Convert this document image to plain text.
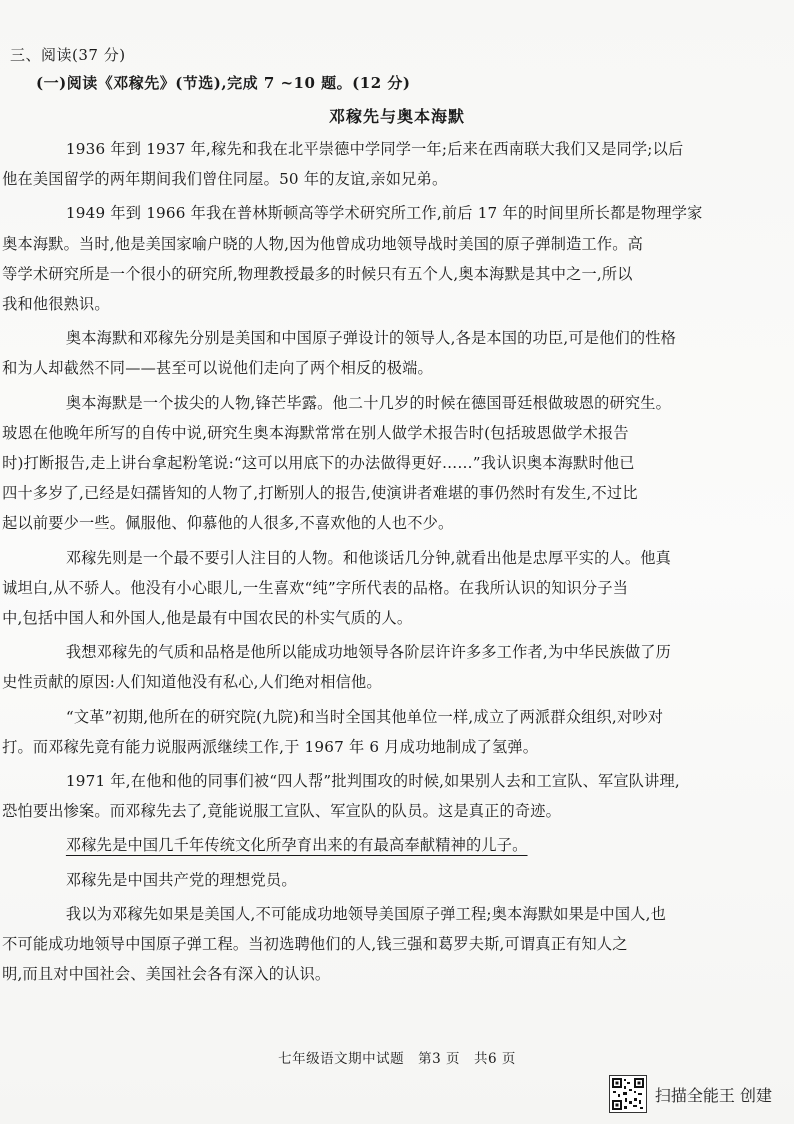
三、阅读(37 分)
(一)阅读《邓稼先》(节选),完成 7 ~10 题。(12 分)
邓稼先与奥本海默
1936 年到 1937 年,稼先和我在北平崇德中学同学一年;后来在西南联大我们又是同学;以后
他在美国留学的两年期间我们曾住同屋。50 年的友谊,亲如兄弟。
1949 年到 1966 年我在普林斯顿高等学术研究所工作,前后 17 年的时间里所长都是物理学家
奥本海默。当时,他是美国家喻户晓的人物,因为他曾成功地领导战时美国的原子弹制造工作。高
等学术研究所是一个很小的研究所,物理教授最多的时候只有五个人,奥本海默是其中之一,所以
我和他很熟识。
奥本海默和邓稼先分别是美国和中国原子弹设计的领导人,各是本国的功臣,可是他们的性格
和为人却截然不同——甚至可以说他们走向了两个相反的极端。
奥本海默是一个拔尖的人物,锋芒毕露。他二十几岁的时候在德国哥廷根做玻恩的研究生。
玻恩在他晚年所写的自传中说,研究生奥本海默常常在别人做学术报告时(包括玻恩做学术报告
时)打断报告,走上讲台拿起粉笔说:“这可以用底下的办法做得更好……”我认识奥本海默时他已
四十多岁了,已经是妇孺皆知的人物了,打断别人的报告,使演讲者难堪的事仍然时有发生,不过比
起以前要少一些。佩服他、仰慕他的人很多,不喜欢他的人也不少。
邓稼先则是一个最不要引人注目的人物。和他谈话几分钟,就看出他是忠厚平实的人。他真
诚坦白,从不骄人。他没有小心眼儿,一生喜欢“纯”字所代表的品格。在我所认识的知识分子当
中,包括中国人和外国人,他是最有中国农民的朴实气质的人。
我想邓稼先的气质和品格是他所以能成功地领导各阶层许许多多工作者,为中华民族做了历
史性贡献的原因:人们知道他没有私心,人们绝对相信他。
“文革”初期,他所在的研究院(九院)和当时全国其他单位一样,成立了两派群众组织,对吵对
打。而邓稼先竟有能力说服两派继续工作,于 1967 年 6 月成功地制成了氢弹。
1971 年,在他和他的同事们被“四人帮”批判围攻的时候,如果别人去和工宣队、军宣队讲理,
恐怕要出惨案。而邓稼先去了,竟能说服工宣队、军宣队的队员。这是真正的奇迹。
邓稼先是中国几千年传统文化所孕育出来的有最高奉献精神的儿子。
邓稼先是中国共产党的理想党员。
我以为邓稼先如果是美国人,不可能成功地领导美国原子弹工程;奥本海默如果是中国人,也
不可能成功地领导中国原子弹工程。当初选聘他们的人,钱三强和葛罗夫斯,可谓真正有知人之
明,而且对中国社会、美国社会各有深入的认识。
七年级语文期中试题　第3 页　共6 页
扫描全能王 创建
